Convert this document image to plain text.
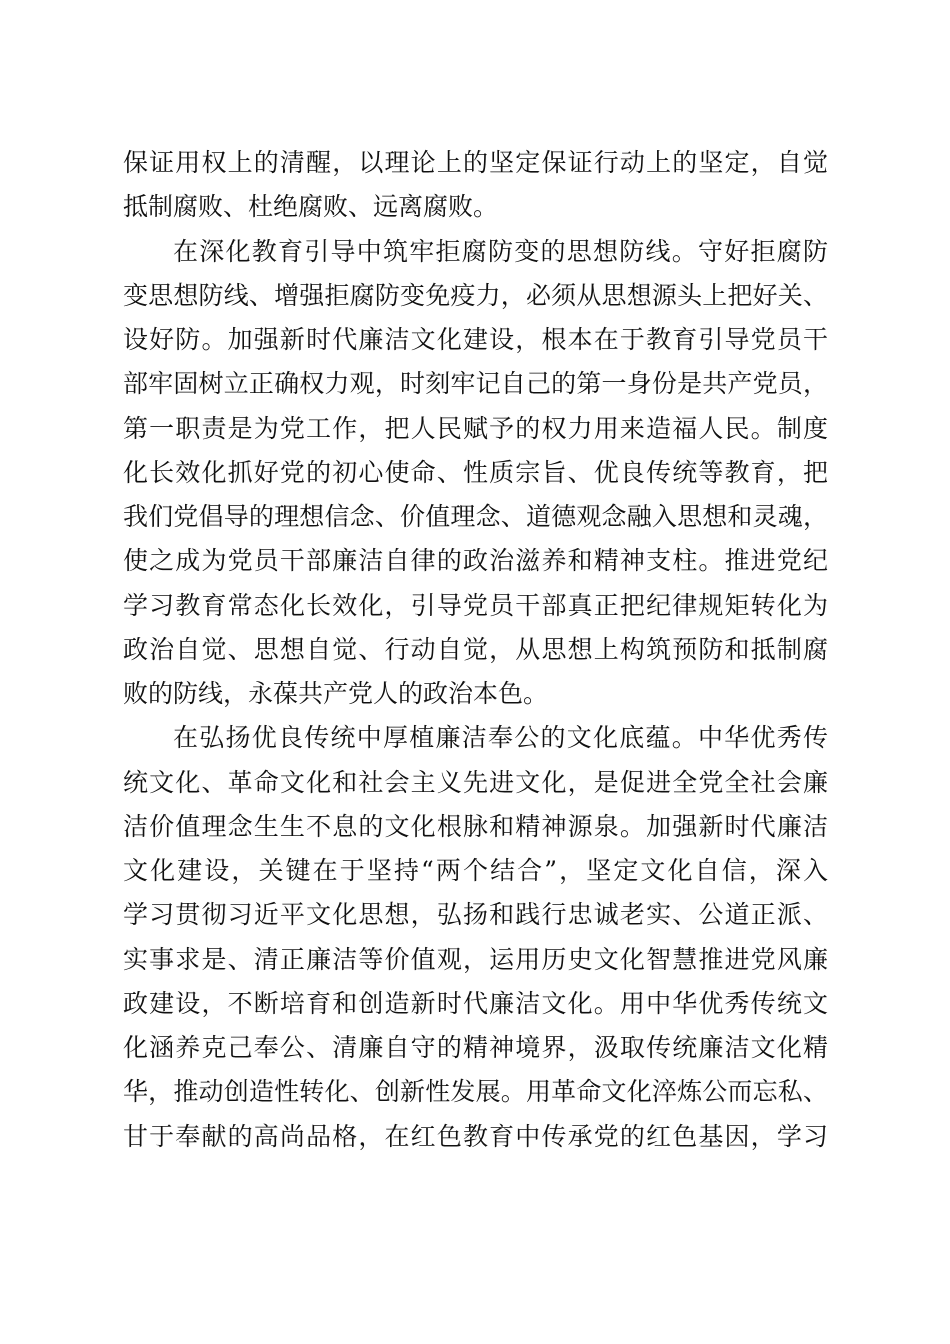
保证用权上的清醒，以理论上的坚定保证行动上的坚定，自觉
抵制腐败、杜绝腐败、远离腐败。
在深化教育引导中筑牢拒腐防变的思想防线。守好拒腐防
变思想防线、增强拒腐防变免疫力，必须从思想源头上把好关、
设好防。加强新时代廉洁文化建设，根本在于教育引导党员干
部牢固树立正确权力观，时刻牢记自己的第一身份是共产党员，
第一职责是为党工作，把人民赋予的权力用来造福人民。制度
化长效化抓好党的初心使命、性质宗旨、优良传统等教育，把
我们党倡导的理想信念、价值理念、道德观念融入思想和灵魂，
使之成为党员干部廉洁自律的政治滋养和精神支柱。推进党纪
学习教育常态化长效化，引导党员干部真正把纪律规矩转化为
政治自觉、思想自觉、行动自觉，从思想上构筑预防和抵制腐
败的防线，永葆共产党人的政治本色。
在弘扬优良传统中厚植廉洁奉公的文化底蕴。中华优秀传
统文化、革命文化和社会主义先进文化，是促进全党全社会廉
洁价值理念生生不息的文化根脉和精神源泉。加强新时代廉洁
文化建设，关键在于坚持“两个结合”，坚定文化自信，深入
学习贯彻习近平文化思想，弘扬和践行忠诚老实、公道正派、
实事求是、清正廉洁等价值观，运用历史文化智慧推进党风廉
政建设，不断培育和创造新时代廉洁文化。用中华优秀传统文
化涵养克己奉公、清廉自守的精神境界，汲取传统廉洁文化精
华，推动创造性转化、创新性发展。用革命文化淬炼公而忘私、
甘于奉献的高尚品格，在红色教育中传承党的红色基因，学习
